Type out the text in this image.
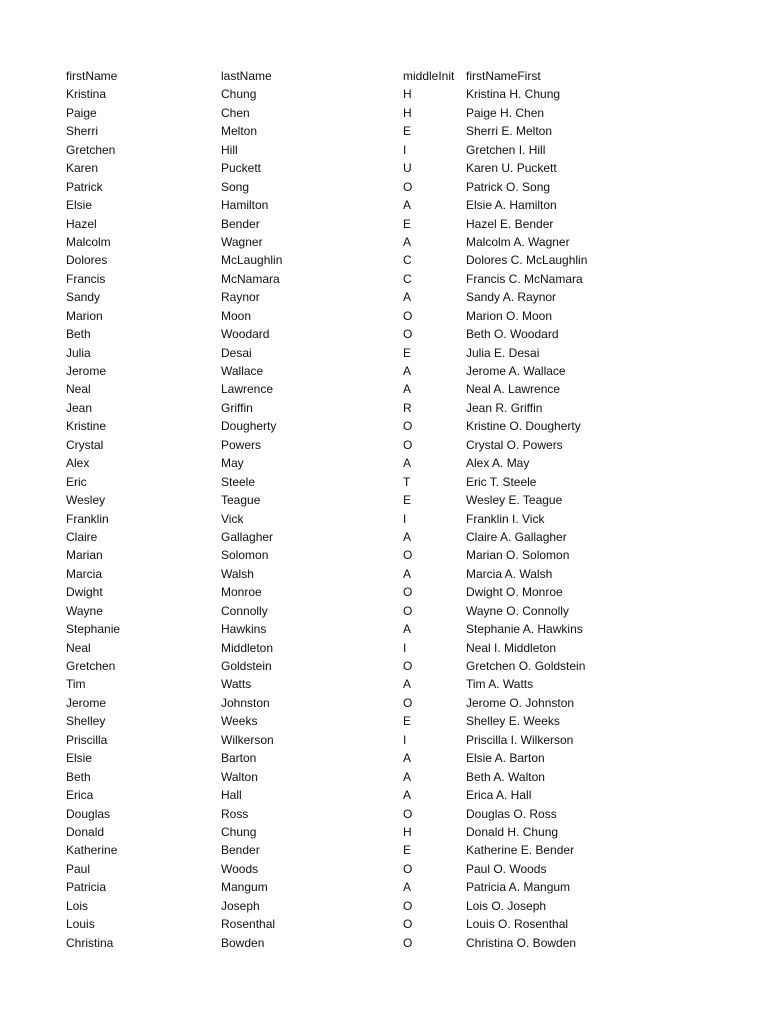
firstName	lastName	middleInit firstNameFirst
Kristina	Chung	H	Kristina H. Chung
Paige	Chen	H	Paige H. Chen
Sherri	Melton	E	Sherri E. Melton
Gretchen	Hill	I	Gretchen I. Hill
Karen	Puckett	U	Karen U. Puckett
Patrick	Song	O	Patrick O. Song
Elsie	Hamilton	A	Elsie A. Hamilton
Hazel	Bender	E	Hazel E. Bender
Malcolm	Wagner	A	Malcolm A. Wagner
Dolores	McLaughlin	C	Dolores C. McLaughlin
Francis	McNamara	C	Francis C. McNamara
Sandy	Raynor	A	Sandy A. Raynor
Marion	Moon	O	Marion O. Moon
Beth	Woodard	O	Beth O. Woodard
Julia	Desai	E	Julia E. Desai
Jerome	Wallace	A	Jerome A. Wallace
Neal	Lawrence	A	Neal A. Lawrence
Jean	Griffin	R	Jean R. Griffin
Kristine	Dougherty	O	Kristine O. Dougherty
Crystal	Powers	O	Crystal O. Powers
Alex	May	A	Alex A. May
Eric	Steele	T	Eric T. Steele
Wesley	Teague	E	Wesley E. Teague
Franklin	Vick	I	Franklin I. Vick
Claire	Gallagher	A	Claire A. Gallagher
Marian	Solomon	O	Marian O. Solomon
Marcia	Walsh	A	Marcia A. Walsh
Dwight	Monroe	O	Dwight O. Monroe
Wayne	Connolly	O	Wayne O. Connolly
Stephanie	Hawkins	A	Stephanie A. Hawkins
Neal	Middleton	I	Neal I. Middleton
Gretchen	Goldstein	O	Gretchen O. Goldstein
Tim	Watts	A	Tim A. Watts
Jerome	Johnston	O	Jerome O. Johnston
Shelley	Weeks	E	Shelley E. Weeks
Priscilla	Wilkerson	I	Priscilla I. Wilkerson
Elsie	Barton	A	Elsie A. Barton
Beth	Walton	A	Beth A. Walton
Erica	Hall	A	Erica A. Hall
Douglas	Ross	O	Douglas O. Ross
Donald	Chung	H	Donald H. Chung
Katherine	Bender	E	Katherine E. Bender
Paul	Woods	O	Paul O. Woods
Patricia	Mangum	A	Patricia A. Mangum
Lois	Joseph	O	Lois O. Joseph
Louis	Rosenthal	O	Louis O. Rosenthal
Christina	Bowden	O	Christina O. Bowden
